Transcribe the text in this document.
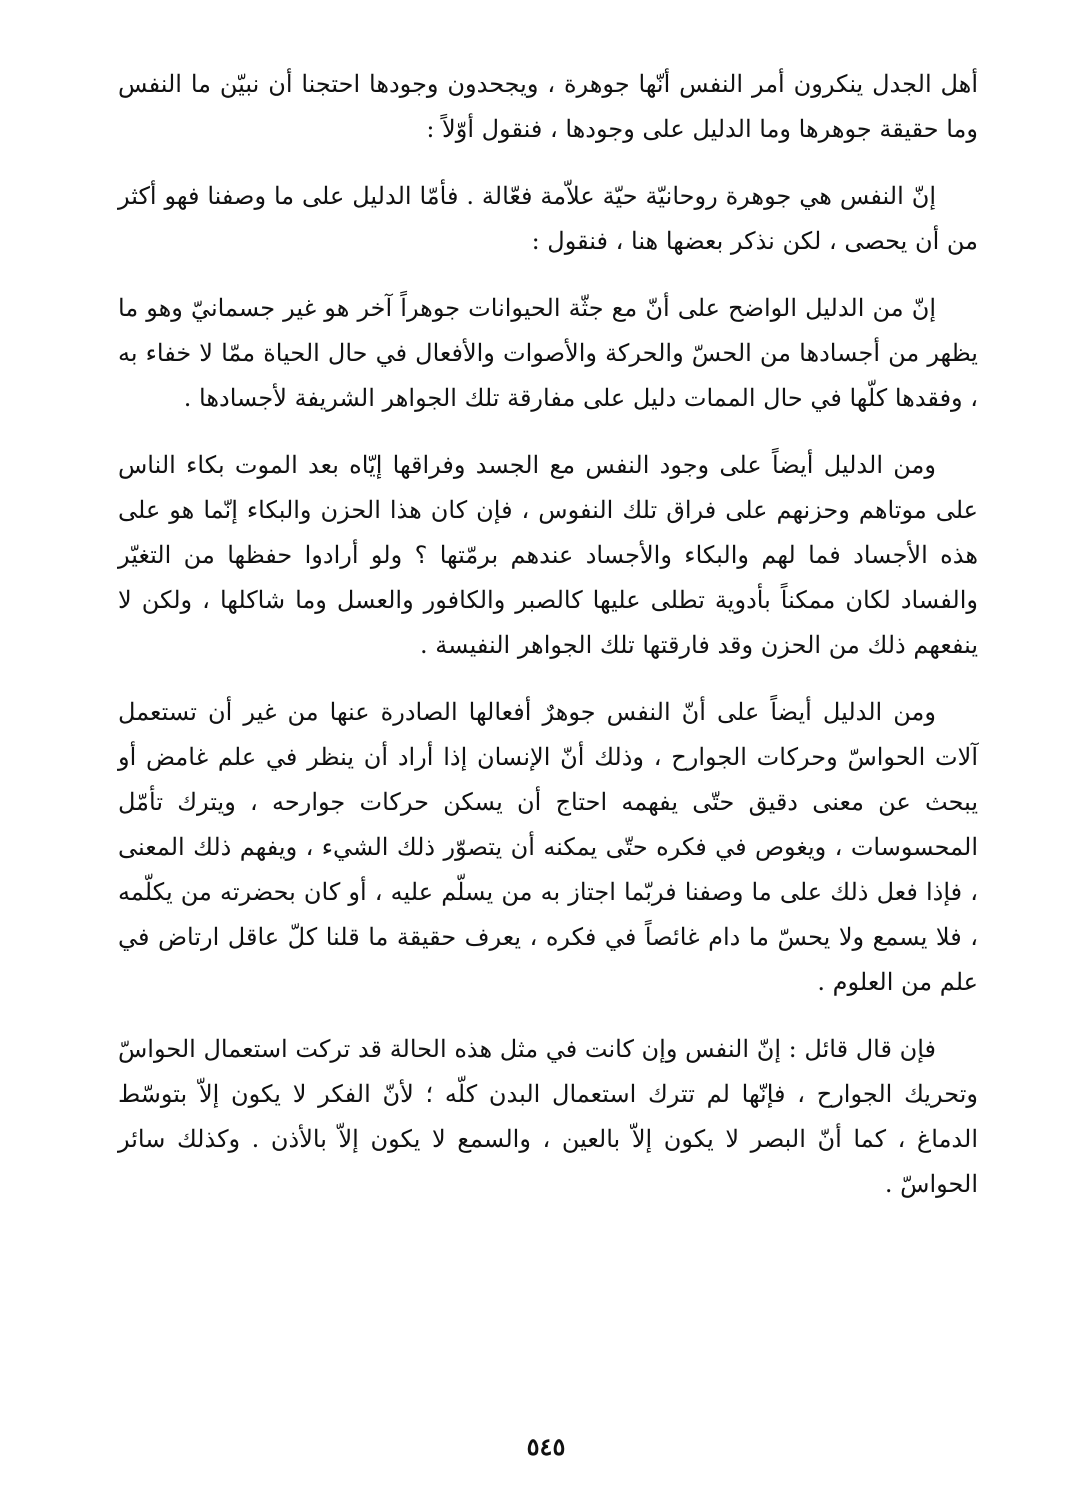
أهل الجدل ينكرون أمر النفس أنّها جوهرة ، ويجحدون وجودها احتجنا أن نبيّن ما النفس وما حقيقة جوهرها وما الدليل على وجودها ، فنقول أوّلاً :

إنّ النفس هي جوهرة روحانيّة حيّة علاّمة فعّالة . فأمّا الدليل على ما وصفنا فهو أكثر من أن يحصى ، لكن نذكر بعضها هنا ، فنقول :

إنّ من الدليل الواضح على أنّ مع جثّة الحيوانات جوهراً آخر هو غير جسمانيّ وهو ما يظهر من أجسادها من الحسّ والحركة والأصوات والأفعال في حال الحياة ممّا لا خفاء به ، وفقدها كلّها في حال الممات دليل على مفارقة تلك الجواهر الشريفة لأجسادها .

ومن الدليل أيضاً على وجود النفس مع الجسد وفراقها إيّاه بعد الموت بكاء الناس على موتاهم وحزنهم على فراق تلك النفوس ، فإن كان هذا الحزن والبكاء إنّما هو على هذه الأجساد فما لهم والبكاء والأجساد عندهم برمّتها ؟ ولو أرادوا حفظها من التغيّر والفساد لكان ممكناً بأدوية تطلى عليها كالصبر والكافور والعسل وما شاكلها ، ولكن لا ينفعهم ذلك من الحزن وقد فارقتها تلك الجواهر النفيسة .

ومن الدليل أيضاً على أنّ النفس جوهرٌ أفعالها الصادرة عنها من غير أن تستعمل آلات الحواسّ وحركات الجوارح ، وذلك أنّ الإنسان إذا أراد أن ينظر في علم غامض أو يبحث عن معنى دقيق حتّى يفهمه احتاج أن يسكن حركات جوارحه ، ويترك تأمّل المحسوسات ، ويغوص في فكره حتّى يمكنه أن يتصوّر ذلك الشيء ، ويفهم ذلك المعنى ، فإذا فعل ذلك على ما وصفنا فربّما اجتاز به من يسلّم عليه ، أو كان بحضرته من يكلّمه ، فلا يسمع ولا يحسّ ما دام غائصاً في فكره ، يعرف حقيقة ما قلنا كلّ عاقل ارتاض في علم من العلوم .

فإن قال قائل : إنّ النفس وإن كانت في مثل هذه الحالة قد تركت استعمال الحواسّ وتحريك الجوارح ، فإنّها لم تترك استعمال البدن كلّه ؛ لأنّ الفكر لا يكون إلاّ بتوسّط الدماغ ، كما أنّ البصر لا يكون إلاّ بالعين ، والسمع لا يكون إلاّ بالأذن . وكذلك سائر الحواسّ .

٥٤٥
